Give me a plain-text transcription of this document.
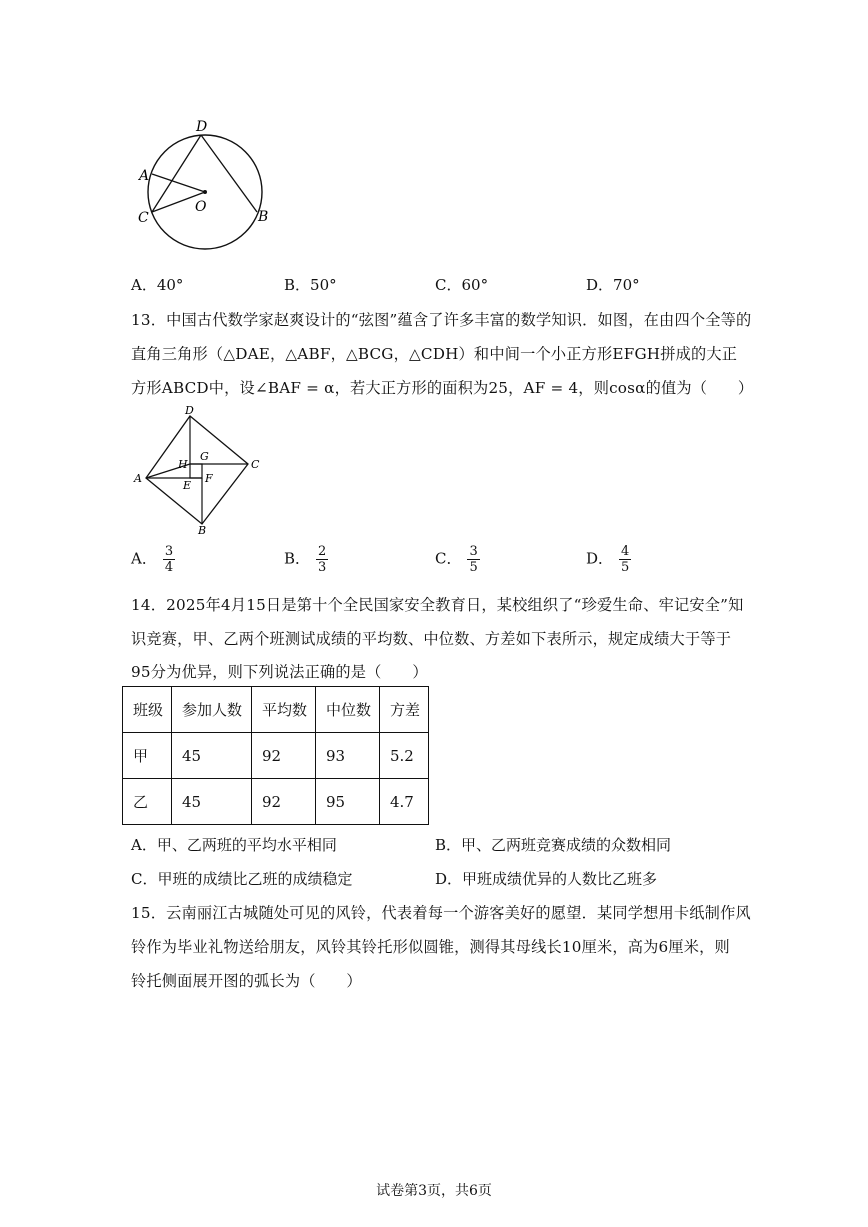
D
A
C
O
B
A．40°	B．50°	C．60°	D．70°
13．中国古代数学家赵爽设计的“弦图”蕴含了许多丰富的数学知识．如图，在由四个全等的
直角三角形（△DAE，△ABF，△BCG，△CDH）和中间一个小正方形EFGH拼成的大正
方形ABCD中，设∠BAF = α，若大正方形的面积为25，AF = 4，则cosα的值为（　　）
D
H
G
C
A
E
F
B
A． $\frac{3}{4}$	B． $\frac{2}{3}$	C． $\frac{3}{5}$	D． $\frac{4}{5}$
14．2025年4月15日是第十个全民国家安全教育日，某校组织了“珍爱生命、牢记安全”知
识竞赛，甲、乙两个班测试成绩的平均数、中位数、方差如下表所示，规定成绩大于等于
95分为优异，则下列说法正确的是（　　）
班级	参加人数	平均数	中位数	方差
甲	45	92	93	5.2
乙	45	92	95	4.7
A．甲、乙两班的平均水平相同	B．甲、乙两班竞赛成绩的众数相同
C．甲班的成绩比乙班的成绩稳定	D．甲班成绩优异的人数比乙班多
15．云南丽江古城随处可见的风铃，代表着每一个游客美好的愿望．某同学想用卡纸制作风
铃作为毕业礼物送给朋友，风铃其铃托形似圆锥，测得其母线长10厘米，高为6厘米，则
铃托侧面展开图的弧长为（　　）
试卷第3页，共6页
